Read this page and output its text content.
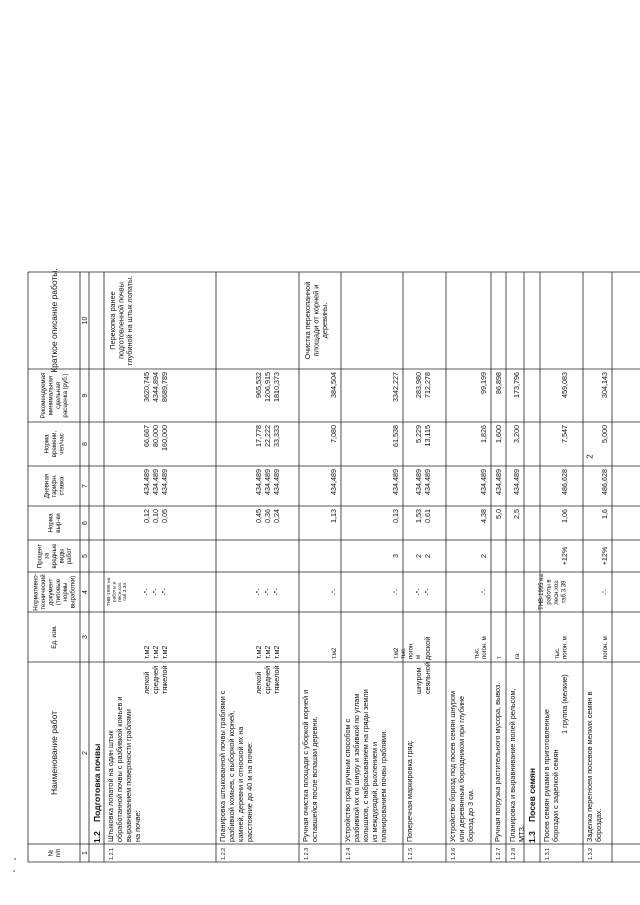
№ п/п
Наименование работ
Ед. изм.
Нормативно- технический документ (типовые нормы выработки)
Процент за вредные виды работ
Норма выр-ки
Дневная тарифн. ставка
Норма времени, чел/час
Рекомендуемая минимальная сдельная расценка (руб.)
Краткое описание работы.
1
2
3
4
5
6
7
8
9
10
1.2
Подготовка почвы
1.2.1
Штыковка лопатой на один штык обработанной почвы с разбивкой комьев и выравниванием поверхности граблями на почве:
легкой средней тяжелой
т.м2 т.м2 т.м2
ТНВ-1995 на работы в лесн.хоз. таб.3.34 -"- -"- -"-
0,12 0,10 0,05
434,489 434,489 434,489
66,667 80,000 160,000
3620,745 4344,894 8689,789
Перекопка ранее подготовленной почвы глубиной на штык лопаты.
1.2.2
Планировка штыкованной почвы граблями с разбивкой комьев, с выборкой корней, камней, деревни и отноской их на расстояние до 40 м на почве:
легкой средней тяжелой
т.м2 т.м2 т.м2
-"- -"- -"-
0,45 0,36 0,24
434,489 434,489 434,489
17,778 22,222 33,333
965,532 1206,915 1810,373
1.2.3
Ручная очистка площади с уборкой корней и оставшейся после вспашки деревни.
т.м2
-"-
1,13
434,489
7,080
384,504
Очистка перекопанной площади от корней и деревины.
1.2.4
Устройство гряд ручным способом с разбивкой их по шнуру и забивкой по углам колышков, с набрасыванием на гряды земли из междурядий, рыхлением и планированием почвы граблями.
т.м2
-"-
3
0,13
434,489
61,538
3342,227
1.2.5
Поперечная маркировка гряд:
шнуром сеяльной доской
тыс. погон. м
-"- -"-
2 2
1,53 0,61
434,489 434,489
5,229 13,115
283,980 712,278
1.2.6
Устройство борозд под посев семян шнуром или деревянным бороздником при глубине борозд до 3 см.
тыс. погон. м
-"-
2
4,38
434,489
1,826
99,199
1.2.7
Ручная погрузка растительного мусора, вывоз.
т
5,0
434,489
1,600
86,898
1.2.8
Планировка и выравнивание полей рельсом, МТЗ.
га
2,5
434,489
3,200
173,796
1.3
Посев семян
1.3.1
Посев семян руками в приготовленные бороздки с заделкой семян
1 группа (мелкие)
тыс. погон. м
ТНВ-1995 на работы в лесн.хоз. таб.3.39
+12%
1,06
486,628
7,547
459,083
1.3.2
Заделка перегноем посевов мелких семян в бороздах.
погон. м
-"-
+12%
1,6
486,628
5,000
304,143
2
